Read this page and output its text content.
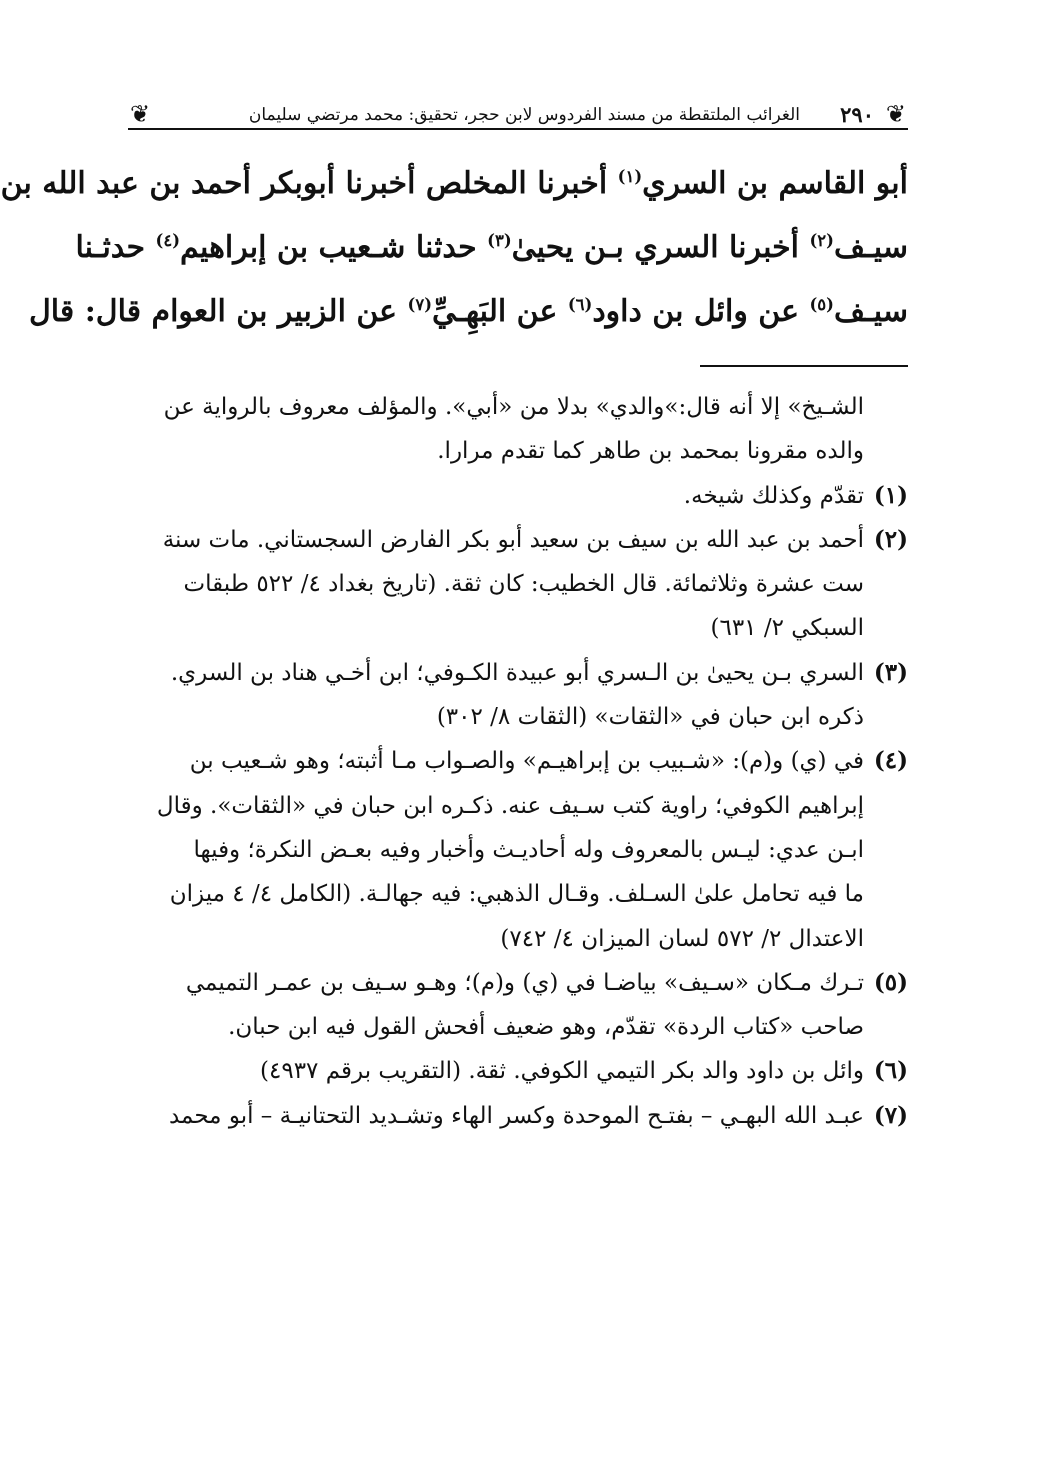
❦
٢٩٠
الغرائب الملتقطة من مسند الفردوس لابن حجر، تحقيق: محمد مرتضي سليمان
❦
أبو القاسم بن السري$^{(١)}$ أخبرنا المخلص أخبرنا أبوبكر أحمد بن عبد الله بن
سيـف$^{(٢)}$ أخبرنا السري بـن يحيىٰ$^{(٣)}$ حدثنا شـعيب بن إبراهيم$^{(٤)}$ حدثـنا
سيـف$^{(٥)}$ عن وائل بن داود$^{(٦)}$ عن البَهِـيِّ$^{(٧)}$ عن الزبير بن العوام قال: قال
الشـيخ» إلا أنه قال:»والدي» بدلا من «أبي». والمؤلف معروف بالرواية عن
والده مقرونا بمحمد بن طاهر كما تقدم مرارا.
(١)
تقدّم وكذلك شيخه.
(٢)
أحمد بن عبد الله بن سيف بن سعيد أبو بكر الفارض السجستاني. مات سنة
ست عشرة وثلاثمائة. قال الخطيب: كان ثقة. (تاريخ بغداد ٤/ ٥٢٢ طبقات
السبكي ٢/ ٦٣١)
(٣)
السري بـن يحيىٰ بن الـسري أبو عبيدة الكـوفي؛ ابن أخـي هناد بن السري.
ذكره ابن حبان في «الثقات» (الثقات ٨/ ٣٠٢)
(٤)
في (ي) و(م): «شـبيب بن إبراهيـم» والصـواب مـا أثبته؛ وهو شـعيب بن
إبراهيم الكوفي؛ راوية كتب سـيف عنه. ذكـره ابن حبان في «الثقات». وقال
ابـن عدي: ليـس بالمعروف وله أحاديـث وأخبار وفيه بعـض النكرة؛ وفيها
ما فيه تحامل علىٰ السـلف. وقـال الذهبي: فيه جهالـة. (الكامل ٤/ ٤ ميزان
الاعتدال ٢/ ٥٧٢ لسان الميزان ٤/ ٧٤٢)
(٥)
تـرك مـكان «سـيف» بياضـا في (ي) و(م)؛ وهـو سـيف بن عمـر التميمي
صاحب «كتاب الردة» تقدّم، وهو ضعيف أفحش القول فيه ابن حبان.
(٦)
وائل بن داود والد بكر التيمي الكوفي. ثقة. (التقريب برقم ٤٩٣٧)
(٧)
عبـد الله البهـي – بفتـح الموحدة وكسر الهاء وتشـديد التحتانيـة – أبو محمد
